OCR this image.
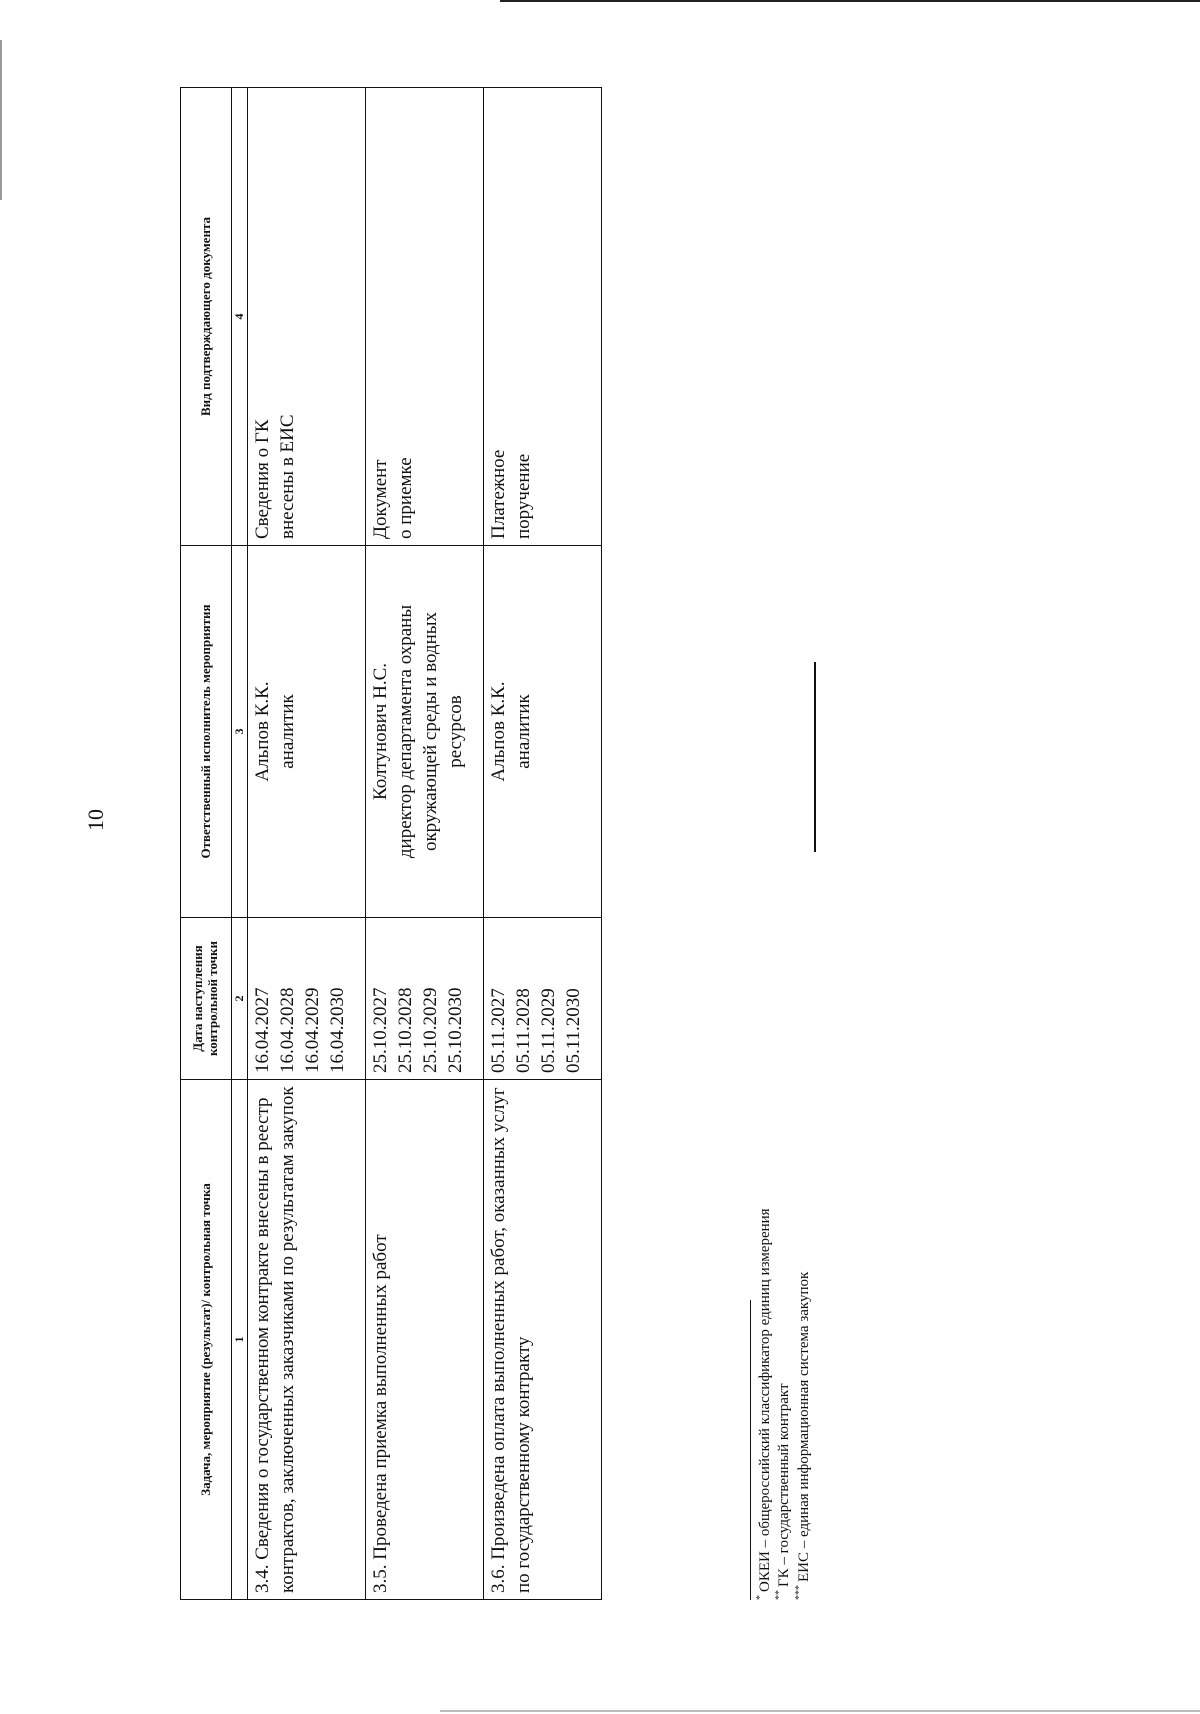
10
Задача, мероприятие (результат)/ контрольная точка	Дата наступления контрольной точки	Ответственный исполнитель мероприятия	Вид подтверждающего документа
1	2	3	4
3.4. Сведения о государственном контракте внесены в реестр контрактов, заключенных заказчиками по результатам закупок	16.04.2027 16.04.2028 16.04.2029 16.04.2030	Альпов К.К. аналитик	Сведения о ГК внесены в ЕИС

3.5. Проведена приемка выполненных работ	25.10.2027 25.10.2028 25.10.2029 25.10.2030	Колтунович Н.С. директор департамента охраны окружающей среды и водных ресурсов	Документ о приемке

3.6. Произведена оплата выполненных работ, оказанных услуг по государственному контракту	05.11.2027 05.11.2028 05.11.2029 05.11.2030	Альпов К.К. аналитик	Платежное поручение
*ОКЕИ – общероссийский классификатор единиц измерения
**ГК – государственный контракт
***ЕИС – единая информационная система закупок
